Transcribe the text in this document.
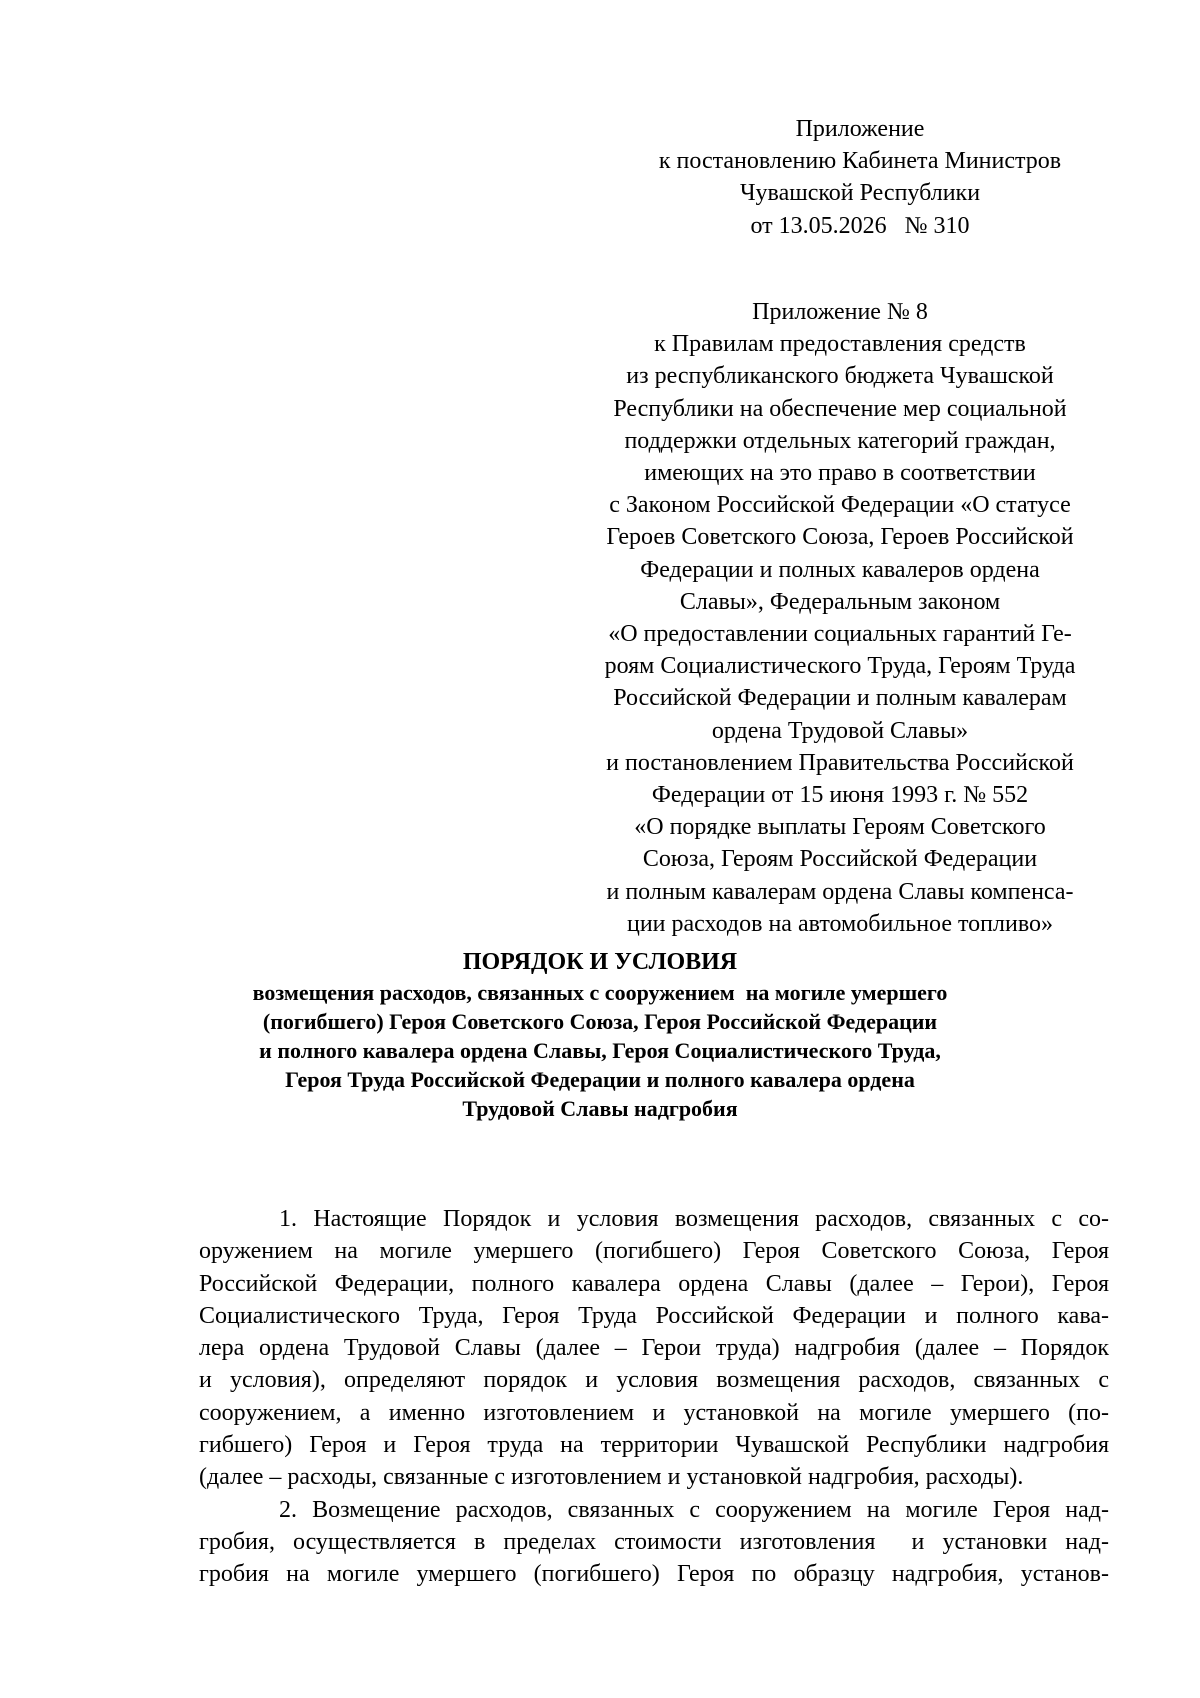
Приложение
к постановлению Кабинета Министров
Чувашской Республики
от 13.05.2026   № 310
Приложение № 8
к Правилам предоставления средств
из республиканского бюджета Чувашской
Республики на обеспечение мер социальной
поддержки отдельных категорий граждан,
имеющих на это право в соответствии
с Законом Российской Федерации «О статусе
Героев Советского Союза, Героев Российской
Федерации и полных кавалеров ордена
Славы», Федеральным законом
«О предоставлении социальных гарантий Ге-
роям Социалистического Труда, Героям Труда
Российской Федерации и полным кавалерам
ордена Трудовой Славы»
и постановлением Правительства Российской
Федерации от 15 июня 1993 г. № 552
«О порядке выплаты Героям Советского
Союза, Героям Российской Федерации
и полным кавалерам ордена Славы компенса-
ции расходов на автомобильное топливо»
ПОРЯДОК И УСЛОВИЯ
возмещения расходов, связанных с сооружением  на могиле умершего
(погибшего) Героя Советского Союза, Героя Российской Федерации
и полного кавалера ордена Славы, Героя Социалистического Труда,
Героя Труда Российской Федерации и полного кавалера ордена
Трудовой Славы надгробия
1. Настоящие Порядок и условия возмещения расходов, связанных с со-
оружением на могиле умершего (погибшего) Героя Советского Союза, Героя
Российской Федерации, полного кавалера ордена Славы (далее – Герои), Героя
Социалистического Труда, Героя Труда Российской Федерации и полного кава-
лера ордена Трудовой Славы (далее – Герои труда) надгробия (далее – Порядок
и условия), определяют порядок и условия возмещения расходов, связанных с
сооружением, а именно изготовлением и установкой на могиле умершего (по-
гибшего) Героя и Героя труда на территории Чувашской Республики надгробия
(далее – расходы, связанные с изготовлением и установкой надгробия, расходы).
2. Возмещение расходов, связанных с сооружением на могиле Героя над-
гробия, осуществляется в пределах стоимости изготовления  и установки над-
гробия на могиле умершего (погибшего) Героя по образцу надгробия, установ-
